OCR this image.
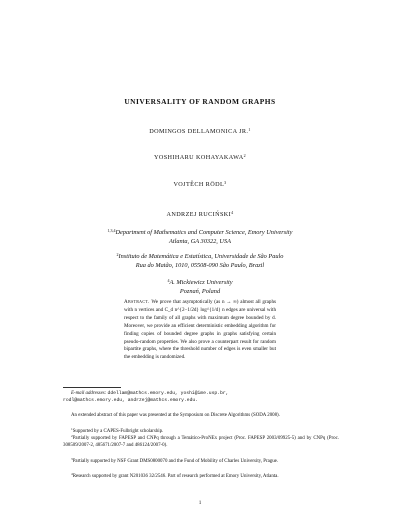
UNIVERSALITY OF RANDOM GRAPHS
DOMINGOS DELLAMONICA JR.$^1$
YOSHIHARU KOHAYAKAWA$^2$
VOJTĚCH RÖDL$^3$
ANDRZEJ RUCIŃSKI$^4$
$^{1,3,4}$Department of Mathematics and Computer Science, Emory University
Atlanta, GA 30322, USA
$^2$Instituto de Matemática e Estatística, Universidade de São Paulo
Rua do Matão, 1010, 05508-090 São Paulo, Brazil
$^4$A. Mickiewicz University
Poznań, Poland
Abstract. We prove that asymptotically (as n → ∞) almost all graphs with n vertices and C_d n^{2−1/2d} log^{1/d} n edges are universal with respect to the family of all graphs with maximum degree bounded by d. Moreover, we provide an efficient deterministic embedding algorithm for finding copies of bounded degree graphs in graphs satisfying certain pseudo-random properties. We also prove a counterpart result for random bipartite graphs, where the threshold number of edges is even smaller but the embedding is randomized.
E-mail addresses: ddellam@mathcs.emory.edu, yoshi@ime.usp.br,
rodl@mathcs.emory.edu, andrzej@mathcs.emory.edu.
An extended abstract of this paper was presented at the Symposium on Discrete Algorithms (SODA 2008).
$^1$Supported by a CAPES-Fulbright scholarship.
$^2$Partially supported by FAPESP and CNPq through a Temático-ProNEx project (Proc. FAPESP 2003/09925-5) and by CNPq (Proc. 308509/2007-2, 485671/2007-7 and 486124/2007-0).
$^3$Partially supported by NSF Grant DMS0800070 and the Fund of Mobility of Charles University, Prague.
$^4$Research supported by grant N201036 32/2546. Part of research performed at Emory University, Atlanta.
1
